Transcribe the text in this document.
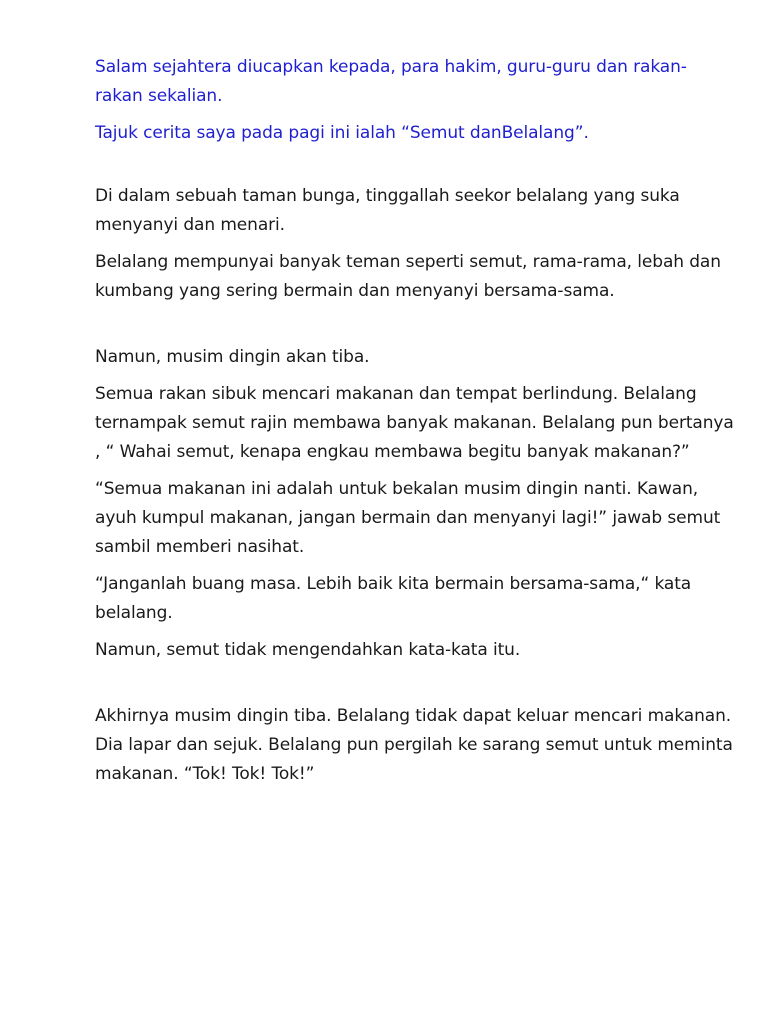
Salam sejahtera diucapkan kepada, para hakim, guru-guru dan rakan- rakan sekalian.

Tajuk cerita saya pada pagi ini ialah “Semut danBelalang”.

Di dalam sebuah taman bunga, tinggallah seekor belalang yang suka menyanyi dan menari.

Belalang mempunyai banyak teman seperti semut, rama-rama, lebah dan kumbang yang sering bermain dan menyanyi bersama-sama.

Namun, musim dingin akan tiba.

Semua rakan sibuk mencari makanan dan tempat berlindung. Belalang ternampak semut rajin membawa banyak makanan. Belalang pun bertanya , “ Wahai semut, kenapa engkau membawa begitu banyak makanan?”

“Semua makanan ini adalah untuk bekalan musim dingin nanti. Kawan, ayuh kumpul makanan, jangan bermain dan menyanyi lagi!” jawab semut sambil memberi nasihat.

“Janganlah buang masa. Lebih baik kita bermain bersama-sama,“ kata belalang.

Namun, semut tidak mengendahkan kata-kata itu.

Akhirnya musim dingin tiba. Belalang tidak dapat keluar mencari makanan. Dia lapar dan sejuk. Belalang pun pergilah ke sarang semut untuk meminta makanan. “Tok! Tok! Tok!”
